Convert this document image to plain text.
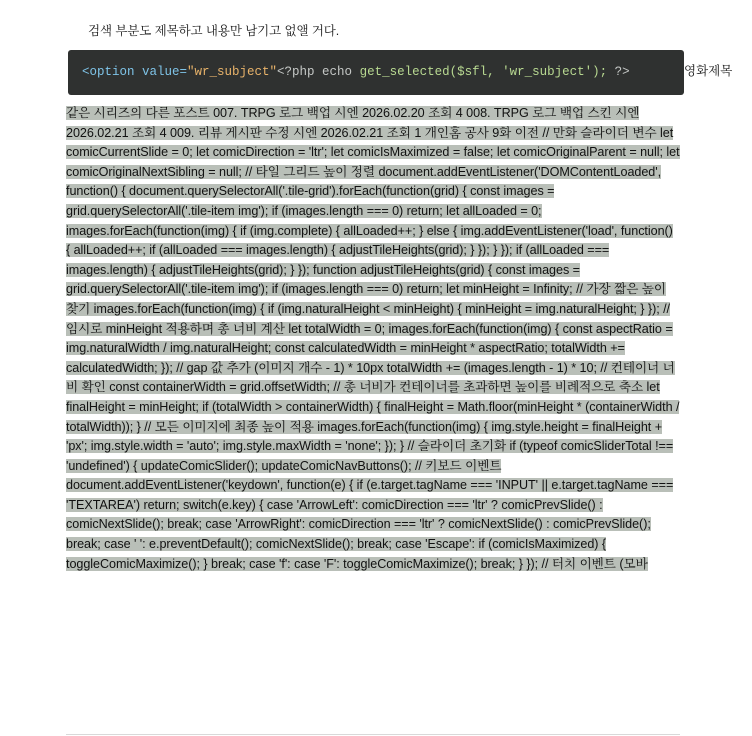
검색 부분도 제목하고 내용만 남기고 없앨 거다.
<option value="wr_subject"<?php echo get_selected($sfl, 'wr_subject'); ?>	영화제목
같은 시리즈의 다른 포스트 007. TRPG 로그 백업 시엔 2026.02.20 조회 4 008. TRPG 로그 백업 스킨 시엔 2026.02.21 조회 4 009. 리뷰 게시판 수정 시엔 2026.02.21 조회 1 개인홈 공사 9화 이전 // 만화 슬라이더 변수 let comicCurrentSlide = 0; let comicDirection = 'ltr'; let comicIsMaximized = false; let comicOriginalParent = null; let comicOriginalNextSibling = null; // 타일 그리드 높이 정렬 document.addEventListener('DOMContentLoaded', function() { document.querySelectorAll('.tile-grid').forEach(function(grid) { const images = grid.querySelectorAll('.tile-item img'); if (images.length === 0) return; let allLoaded = 0; images.forEach(function(img) { if (img.complete) { allLoaded++; } else { img.addEventListener('load', function() { allLoaded++; if (allLoaded === images.length) { adjustTileHeights(grid); } }); } }); if (allLoaded === images.length) { adjustTileHeights(grid); } }); function adjustTileHeights(grid) { const images = grid.querySelectorAll('.tile-item img'); if (images.length === 0) return; let minHeight = Infinity; // 가장 짧은 높이 찾기 images.forEach(function(img) { if (img.naturalHeight < minHeight) { minHeight = img.naturalHeight; } }); // 임시로 minHeight 적용하며 총 너비 계산 let totalWidth = 0; images.forEach(function(img) { const aspectRatio = img.naturalWidth / img.naturalHeight; const calculatedWidth = minHeight * aspectRatio; totalWidth += calculatedWidth; }); // gap 값 추가 (이미지 개수 - 1) * 10px totalWidth += (images.length - 1) * 10; // 컨테이너 너비 확인 const containerWidth = grid.offsetWidth; // 총 너비가 컨테이너를 초과하면 높이를 비례적으로 축소 let finalHeight = minHeight; if (totalWidth > containerWidth) { finalHeight = Math.floor(minHeight * (containerWidth / totalWidth)); } // 모든 이미지에 최종 높이 적용 images.forEach(function(img) { img.style.height = finalHeight + 'px'; img.style.width = 'auto'; img.style.maxWidth = 'none'; }); } // 슬라이더 초기화 if (typeof comicSliderTotal !== 'undefined') { updateComicSlider(); updateComicNavButtons(); // 키보드 이벤트 document.addEventListener('keydown', function(e) { if (e.target.tagName === 'INPUT' || e.target.tagName === 'TEXTAREA') return; switch(e.key) { case 'ArrowLeft': comicDirection === 'ltr' ? comicPrevSlide() : comicNextSlide(); break; case 'ArrowRight': comicDirection === 'ltr' ? comicNextSlide() : comicPrevSlide(); break; case ' ': e.preventDefault(); comicNextSlide(); break; case 'Escape': if (comicIsMaximized) { toggleComicMaximize(); } break; case 'f': case 'F': toggleComicMaximize(); break; } }); // 터치 이벤트 (모바
